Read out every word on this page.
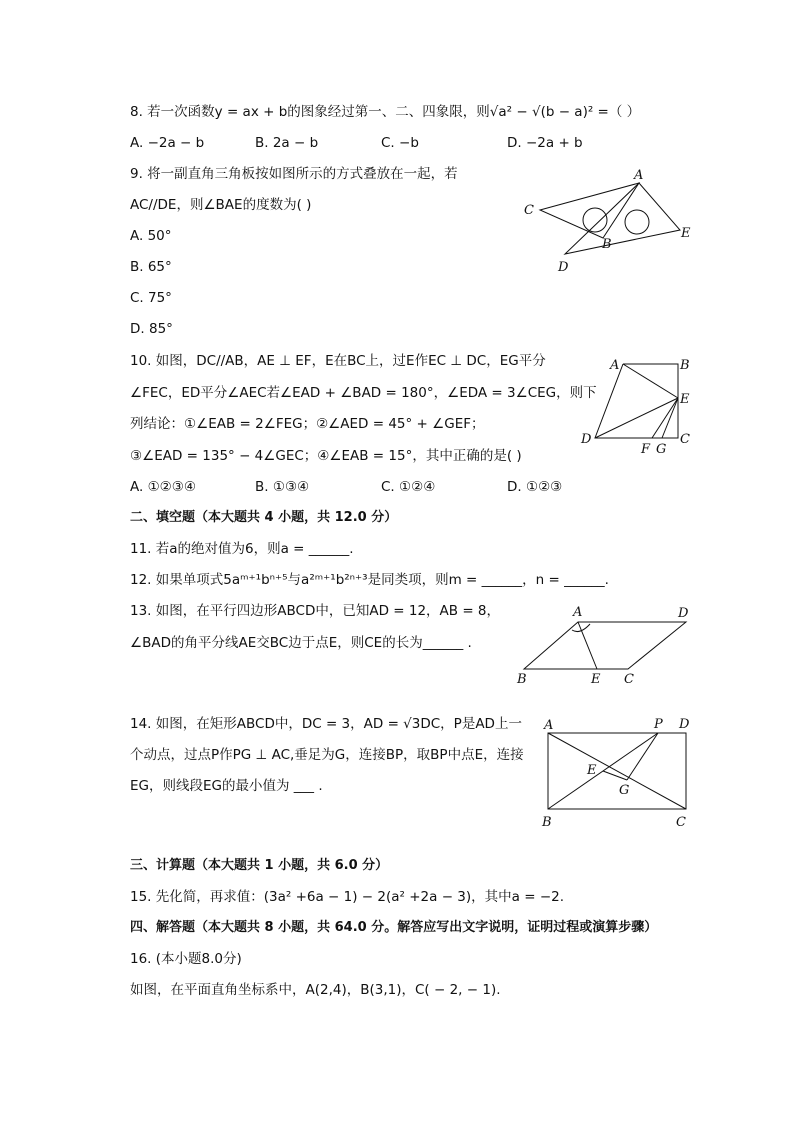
8. 若一次函数y = ax + b的图象经过第一、二、四象限，则√a² − √(b − a)² =（ ）
A. −2a − b	B. 2a − b	C. −b	D. −2a + b
9. 将一副直角三角板按如图所示的方式叠放在一起，若
AC//DE，则∠BAE的度数为( )
A. 50°
B. 65°
C. 75°
D. 85°
A
C
B
E
D
10. 如图，DC//AB，AE ⊥ EF，E在BC上，过E作EC ⊥ DC，EG平分
∠FEC，ED平分∠AEC若∠EAD + ∠BAD = 180°，∠EDA = 3∠CEG，则下
列结论：①∠EAB = 2∠FEG；②∠AED = 45° + ∠GEF；
③∠EAD = 135° − 4∠GEC；④∠EAB = 15°，其中正确的是( )
A. ①②③④	B. ①③④	C. ①②④	D. ①②③
A	B
E
D
F G
C
二、填空题（本大题共 4 小题，共 12.0 分）
11. 若a的绝对值为6，则a = ______.
12. 如果单项式5aᵐ⁺¹bⁿ⁺⁵与a²ᵐ⁺¹b²ⁿ⁺³是同类项，则m = ______，n = ______.
13. 如图，在平行四边形ABCD中，已知AD = 12，AB = 8，
∠BAD的角平分线AE交BC边于点E，则CE的长为______ .
A	D
B	E C
14. 如图，在矩形ABCD中，DC = 3，AD = √3DC，P是AD上一
个动点，过点P作PG ⊥ AC,垂足为G，连接BP，取BP中点E，连接
EG，则线段EG的最小值为 ___ .
A	P D
E
G
B	C
三、计算题（本大题共 1 小题，共 6.0 分）
15. 先化简，再求值：(3a² +6a − 1) − 2(a² +2a − 3)，其中a = −2.
四、解答题（本大题共 8 小题，共 64.0 分。解答应写出文字说明，证明过程或演算步骤）
16. (本小题8.0分)
如图，在平面直角坐标系中，A(2,4)，B(3,1)，C( − 2, − 1).
